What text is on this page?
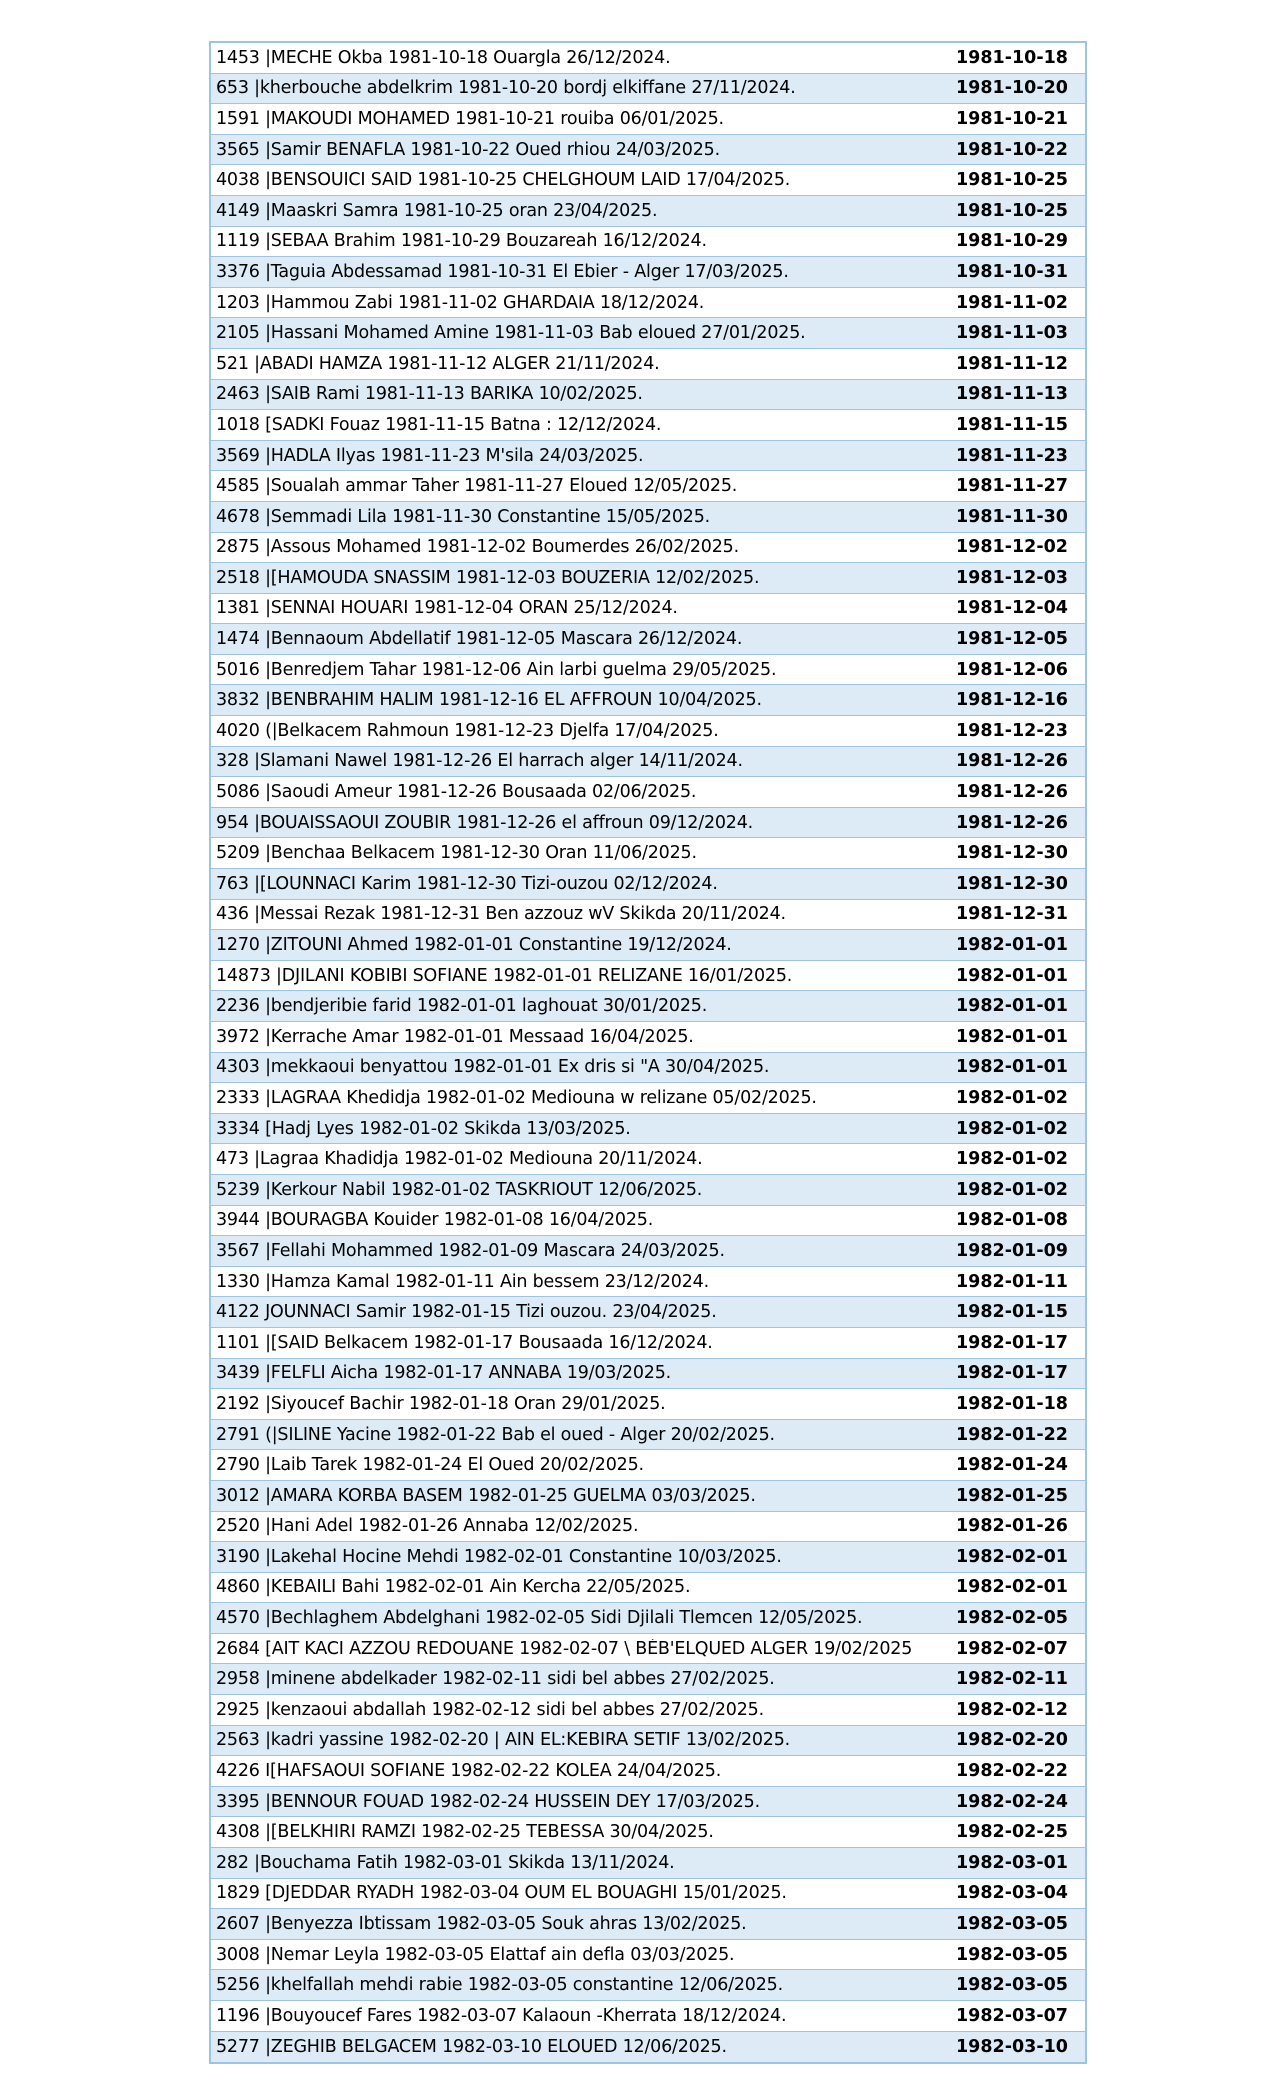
1453 |MECHE Okba 1981-10-18 Ouargla 26/12/2024.	1981-10-18
653 |kherbouche abdelkrim 1981-10-20 bordj elkiffane 27/11/2024.	1981-10-20
1591 |MAKOUDI MOHAMED 1981-10-21 rouiba 06/01/2025.	1981-10-21
3565 |Samir BENAFLA 1981-10-22 Oued rhiou 24/03/2025.	1981-10-22
4038 |BENSOUICI SAID 1981-10-25 CHELGHOUM LAID 17/04/2025.	1981-10-25
4149 |Maaskri Samra 1981-10-25 oran 23/04/2025.	1981-10-25
1119 |SEBAA Brahim 1981-10-29 Bouzareah 16/12/2024.	1981-10-29
3376 |Taguia Abdessamad 1981-10-31 El Ebier - Alger 17/03/2025.	1981-10-31
1203 |Hammou Zabi 1981-11-02 GHARDAIA 18/12/2024.	1981-11-02
2105 |Hassani Mohamed Amine 1981-11-03 Bab eloued 27/01/2025.	1981-11-03
521 |ABADI HAMZA 1981-11-12 ALGER 21/11/2024.	1981-11-12
2463 |SAIB Rami 1981-11-13 BARIKA 10/02/2025.	1981-11-13
1018 [SADKI Fouaz 1981-11-15 Batna : 12/12/2024.	1981-11-15
3569 |HADLA Ilyas 1981-11-23 M'sila 24/03/2025.	1981-11-23
4585 |Soualah ammar Taher 1981-11-27 Eloued 12/05/2025.	1981-11-27
4678 |Semmadi Lila 1981-11-30 Constantine 15/05/2025.	1981-11-30
2875 |Assous Mohamed 1981-12-02 Boumerdes 26/02/2025.	1981-12-02
2518 |[HAMOUDA SNASSIM 1981-12-03 BOUZERIA 12/02/2025.	1981-12-03
1381 |SENNAI HOUARI 1981-12-04 ORAN 25/12/2024.	1981-12-04
1474 |Bennaoum Abdellatif 1981-12-05 Mascara 26/12/2024.	1981-12-05
5016 |Benredjem Tahar 1981-12-06 Ain larbi guelma 29/05/2025.	1981-12-06
3832 |BENBRAHIM HALIM 1981-12-16 EL AFFROUN 10/04/2025.	1981-12-16
4020 (|Belkacem Rahmoun 1981-12-23 Djelfa 17/04/2025.	1981-12-23
328 |Slamani Nawel 1981-12-26 El harrach alger 14/11/2024.	1981-12-26
5086 |Saoudi Ameur 1981-12-26 Bousaada 02/06/2025.	1981-12-26
954 |BOUAISSAOUI ZOUBIR 1981-12-26 el affroun 09/12/2024.	1981-12-26
5209 |Benchaa Belkacem 1981-12-30 Oran 11/06/2025.	1981-12-30
763 |[LOUNNACI Karim 1981-12-30 Tizi-ouzou 02/12/2024.	1981-12-30
436 |Messai Rezak 1981-12-31 Ben azzouz wV Skikda 20/11/2024.	1981-12-31
1270 |ZITOUNI Ahmed 1982-01-01 Constantine 19/12/2024.	1982-01-01
14873 |DJILANI KOBIBI SOFIANE 1982-01-01 RELIZANE 16/01/2025.	1982-01-01
2236 |bendjeribie farid 1982-01-01 laghouat 30/01/2025.	1982-01-01
3972 |Kerrache Amar 1982-01-01 Messaad 16/04/2025.	1982-01-01
4303 |mekkaoui benyattou 1982-01-01 Ex dris si "A 30/04/2025.	1982-01-01
2333 |LAGRAA Khedidja 1982-01-02 Mediouna w relizane 05/02/2025.	1982-01-02
3334 [Hadj Lyes 1982-01-02 Skikda 13/03/2025.	1982-01-02
473 |Lagraa Khadidja 1982-01-02 Mediouna 20/11/2024.	1982-01-02
5239 |Kerkour Nabil 1982-01-02 TASKRIOUT 12/06/2025.	1982-01-02
3944 |BOURAGBA Kouider 1982-01-08 16/04/2025.	1982-01-08
3567 |Fellahi Mohammed 1982-01-09 Mascara 24/03/2025.	1982-01-09
1330 |Hamza Kamal 1982-01-11 Ain bessem 23/12/2024.	1982-01-11
4122 JOUNNACI Samir 1982-01-15 Tizi ouzou. 23/04/2025.	1982-01-15
1101 |[SAID Belkacem 1982-01-17 Bousaada 16/12/2024.	1982-01-17
3439 |FELFLI Aicha 1982-01-17 ANNABA 19/03/2025.	1982-01-17
2192 |Siyoucef Bachir 1982-01-18 Oran 29/01/2025.	1982-01-18
2791 (|SILINE Yacine 1982-01-22 Bab el oued - Alger 20/02/2025.	1982-01-22
2790 |Laib Tarek 1982-01-24 El Oued 20/02/2025.	1982-01-24
3012 |AMARA KORBA BASEM 1982-01-25 GUELMA 03/03/2025.	1982-01-25
2520 |Hani Adel 1982-01-26 Annaba 12/02/2025.	1982-01-26
3190 |Lakehal Hocine Mehdi 1982-02-01 Constantine 10/03/2025.	1982-02-01
4860 |KEBAILI Bahi 1982-02-01 Ain Kercha 22/05/2025.	1982-02-01
4570 |Bechlaghem Abdelghani 1982-02-05 Sidi Djilali Tlemcen 12/05/2025.	1982-02-05
2684 [AIT KACI AZZOU REDOUANE 1982-02-07 \ BÉB'ELQUED ALGER 19/02/2025	1982-02-07
2958 |minene abdelkader 1982-02-11 sidi bel abbes 27/02/2025.	1982-02-11
2925 |kenzaoui abdallah 1982-02-12 sidi bel abbes 27/02/2025.	1982-02-12
2563 |kadri yassine 1982-02-20 | AIN EL:KEBIRA SETIF 13/02/2025.	1982-02-20
4226 I[HAFSAOUI SOFIANE 1982-02-22 KOLEA 24/04/2025.	1982-02-22
3395 |BENNOUR FOUAD 1982-02-24 HUSSEIN DEY 17/03/2025.	1982-02-24
4308 |[BELKHIRI RAMZI 1982-02-25 TEBESSA 30/04/2025.	1982-02-25
282 |Bouchama Fatih 1982-03-01 Skikda 13/11/2024.	1982-03-01
1829 [DJEDDAR RYADH 1982-03-04 OUM EL BOUAGHI 15/01/2025.	1982-03-04
2607 |Benyezza Ibtissam 1982-03-05 Souk ahras 13/02/2025.	1982-03-05
3008 |Nemar Leyla 1982-03-05 Elattaf ain defla 03/03/2025.	1982-03-05
5256 |khelfallah mehdi rabie 1982-03-05 constantine 12/06/2025.	1982-03-05
1196 |Bouyoucef Fares 1982-03-07 Kalaoun -Kherrata 18/12/2024.	1982-03-07
5277 |ZEGHIB BELGACEM 1982-03-10 ELOUED 12/06/2025.	1982-03-10
